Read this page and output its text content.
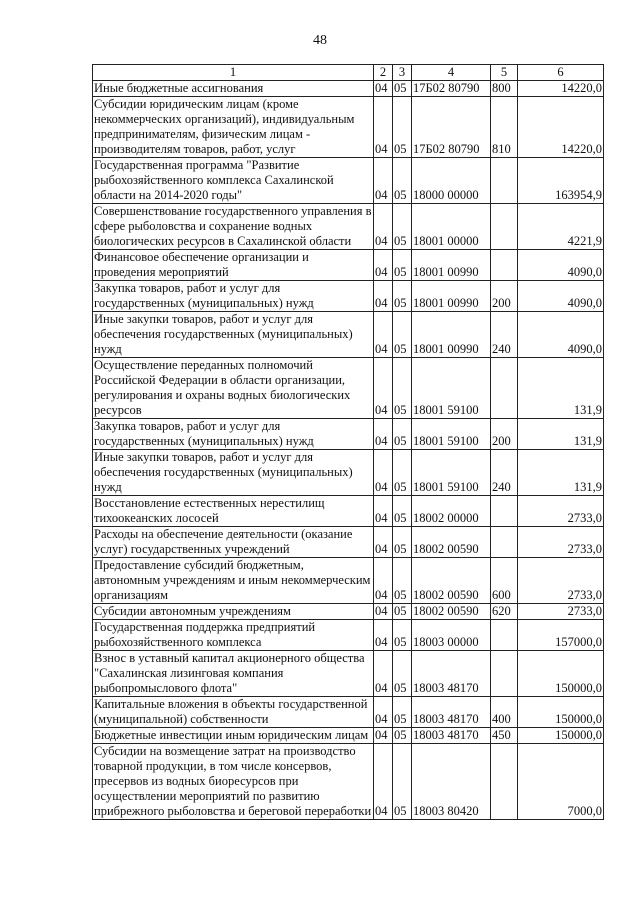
48
1	2	3	4	5	6
Иные бюджетные ассигнования	04	05	17Б02 80790	800	14220,0
Субсидии юридическим лицам (кроме некоммерческих организаций), индивидуальным предпринимателям, физическим лицам - производителям товаров, работ, услуг	04	05	17Б02 80790	810	14220,0
Государственная программа "Развитие рыбохозяйственного комплекса Сахалинской области на 2014-2020 годы"	04	05	18000 00000		163954,9
Совершенствование государственного управления в сфере рыболовства и сохранение водных биологических ресурсов в Сахалинской области	04	05	18001 00000		4221,9
Финансовое обеспечение организации и проведения мероприятий	04	05	18001 00990		4090,0
Закупка товаров, работ и услуг для государственных (муниципальных) нужд	04	05	18001 00990	200	4090,0
Иные закупки товаров, работ и услуг для обеспечения государственных (муниципальных) нужд	04	05	18001 00990	240	4090,0
Осуществление переданных полномочий Российской Федерации в области организации, регулирования и охраны водных биологических ресурсов	04	05	18001 59100		131,9
Закупка товаров, работ и услуг для государственных (муниципальных) нужд	04	05	18001 59100	200	131,9
Иные закупки товаров, работ и услуг для обеспечения государственных (муниципальных) нужд	04	05	18001 59100	240	131,9
Восстановление естественных нерестилищ тихоокеанских лососей	04	05	18002 00000		2733,0
Расходы на обеспечение деятельности (оказание услуг) государственных учреждений	04	05	18002 00590		2733,0
Предоставление субсидий бюджетным, автономным учреждениям и иным некоммерческим организациям	04	05	18002 00590	600	2733,0
Субсидии автономным учреждениям	04	05	18002 00590	620	2733,0
Государственная поддержка предприятий рыбохозяйственного комплекса	04	05	18003 00000		157000,0
Взнос в уставный капитал акционерного общества "Сахалинская лизинговая компания рыбопромыслового флота"	04	05	18003 48170		150000,0
Капитальные вложения в объекты государственной (муниципальной) собственности	04	05	18003 48170	400	150000,0
Бюджетные инвестиции иным юридическим лицам	04	05	18003 48170	450	150000,0
Субсидии на возмещение затрат на производство товарной продукции, в том числе консервов, пресервов из водных биоресурсов при осуществлении мероприятий по развитию прибрежного рыболовства и береговой переработки	04	05	18003 80420		7000,0
